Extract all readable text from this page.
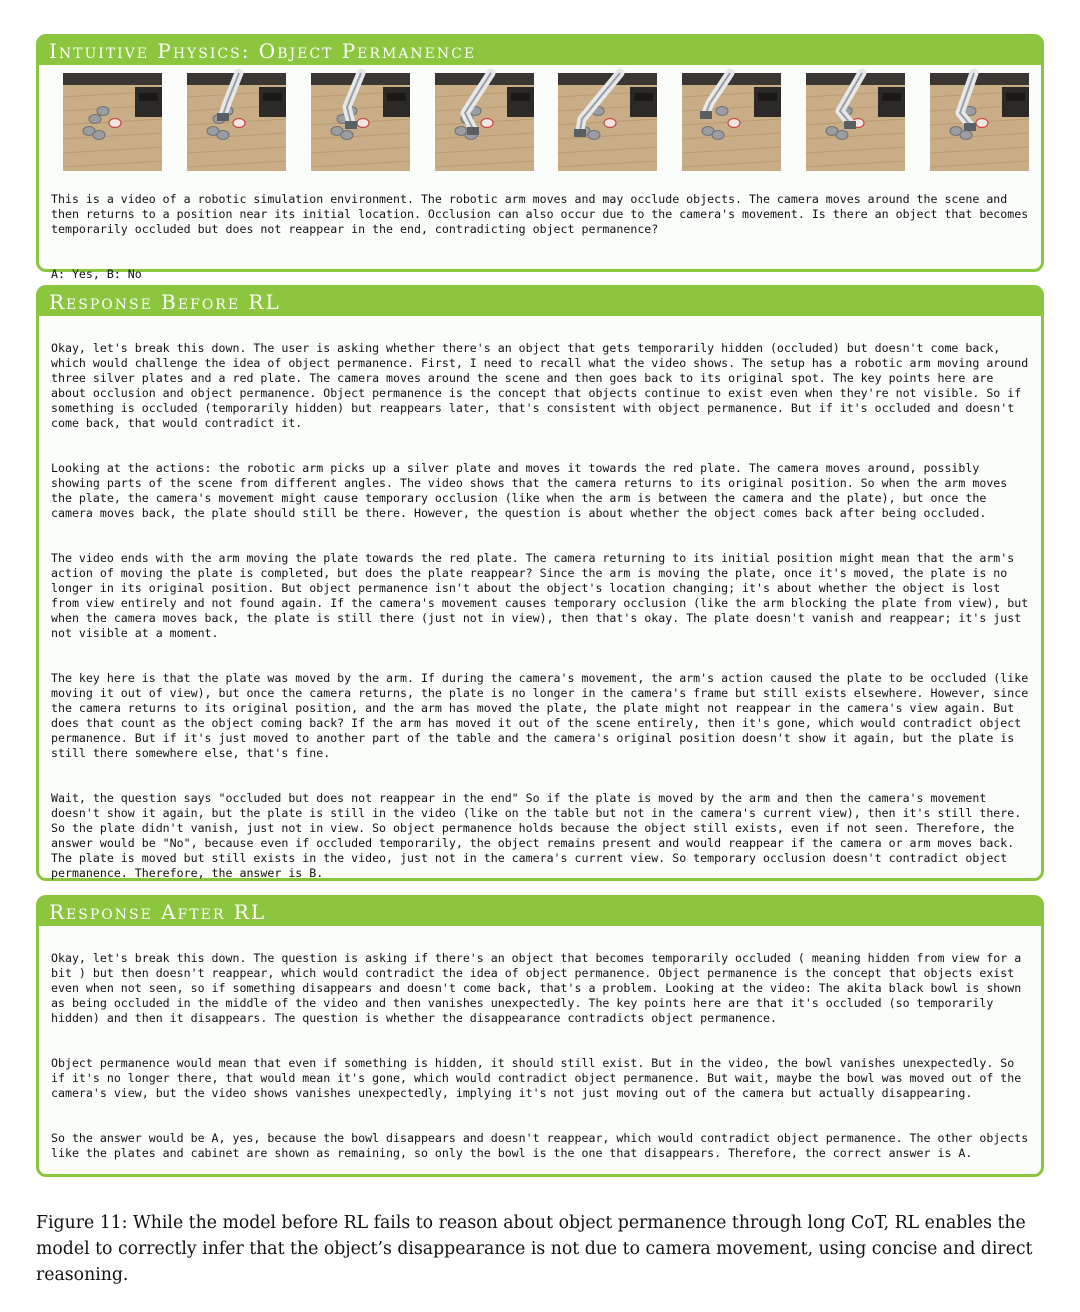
Intuitive Physics: Object Permanence

This is a video of a robotic simulation environment. The robotic arm moves and may occlude objects. The camera moves around the scene and then returns to a position near its initial location. Occlusion can also occur due to the camera's movement. Is there an object that becomes temporarily occluded but does not reappear in the end, contradicting object permanence?

A: Yes, B: No

Response Before RL

Okay, let's break this down. The user is asking whether there's an object that gets temporarily hidden (occluded) but doesn't come back, which would challenge the idea of object permanence. First, I need to recall what the video shows. The setup has a robotic arm moving around three silver plates and a red plate. The camera moves around the scene and then goes back to its original spot. The key points here are about occlusion and object permanence. Object permanence is the concept that objects continue to exist even when they're not visible. So if something is occluded (temporarily hidden) but reappears later, that's consistent with object permanence. But if it's occluded and doesn't come back, that would contradict it.

Looking at the actions: the robotic arm picks up a silver plate and moves it towards the red plate. The camera moves around, possibly showing parts of the scene from different angles. The video shows that the camera returns to its original position. So when the arm moves the plate, the camera's movement might cause temporary occlusion (like when the arm is between the camera and the plate), but once the camera moves back, the plate should still be there. However, the question is about whether the object comes back after being occluded.

The video ends with the arm moving the plate towards the red plate. The camera returning to its initial position might mean that the arm's action of moving the plate is completed, but does the plate reappear? Since the arm is moving the plate, once it's moved, the plate is no longer in its original position. But object permanence isn't about the object's location changing; it's about whether the object is lost from view entirely and not found again. If the camera's movement causes temporary occlusion (like the arm blocking the plate from view), but when the camera moves back, the plate is still there (just not in view), then that's okay. The plate doesn't vanish and reappear; it's just not visible at a moment.

The key here is that the plate was moved by the arm. If during the camera's movement, the arm's action caused the plate to be occluded (like moving it out of view), but once the camera returns, the plate is no longer in the camera's frame but still exists elsewhere. However, since the camera returns to its original position, and the arm has moved the plate, the plate might not reappear in the camera's view again. But does that count as the object coming back? If the arm has moved it out of the scene entirely, then it's gone, which would contradict object permanence. But if it's just moved to another part of the table and the camera's original position doesn't show it again, but the plate is still there somewhere else, that's fine.

Wait, the question says "occluded but does not reappear in the end" So if the plate is moved by the arm and then the camera's movement doesn't show it again, but the plate is still in the video (like on the table but not in the camera's current view), then it's still there. So the plate didn't vanish, just not in view. So object permanence holds because the object still exists, even if not seen. Therefore, the answer would be "No", because even if occluded temporarily, the object remains present and would reappear if the camera or arm moves back. The plate is moved but still exists in the video, just not in the camera's current view. So temporary occlusion doesn't contradict object permanence. Therefore, the answer is B.

Response After RL

Okay, let's break this down. The question is asking if there's an object that becomes temporarily occluded ( meaning hidden from view for a bit ) but then doesn't reappear, which would contradict the idea of object permanence. Object permanence is the concept that objects exist even when not seen, so if something disappears and doesn't come back, that's a problem. Looking at the video: The akita black bowl is shown as being occluded in the middle of the video and then vanishes unexpectedly. The key points here are that it's occluded (so temporarily hidden) and then it disappears. The question is whether the disappearance contradicts object permanence.

Object permanence would mean that even if something is hidden, it should still exist. But in the video, the bowl vanishes unexpectedly. So if it's no longer there, that would mean it's gone, which would contradict object permanence. But wait, maybe the bowl was moved out of the camera's view, but the video shows vanishes unexpectedly, implying it's not just moving out of the camera but actually disappearing.

So the answer would be A, yes, because the bowl disappears and doesn't reappear, which would contradict object permanence. The other objects like the plates and cabinet are shown as remaining, so only the bowl is the one that disappears. Therefore, the correct answer is A.

Figure 11: While the model before RL fails to reason about object permanence through long CoT, RL enables the model to correctly infer that the object’s disappearance is not due to camera movement, using concise and direct reasoning.
